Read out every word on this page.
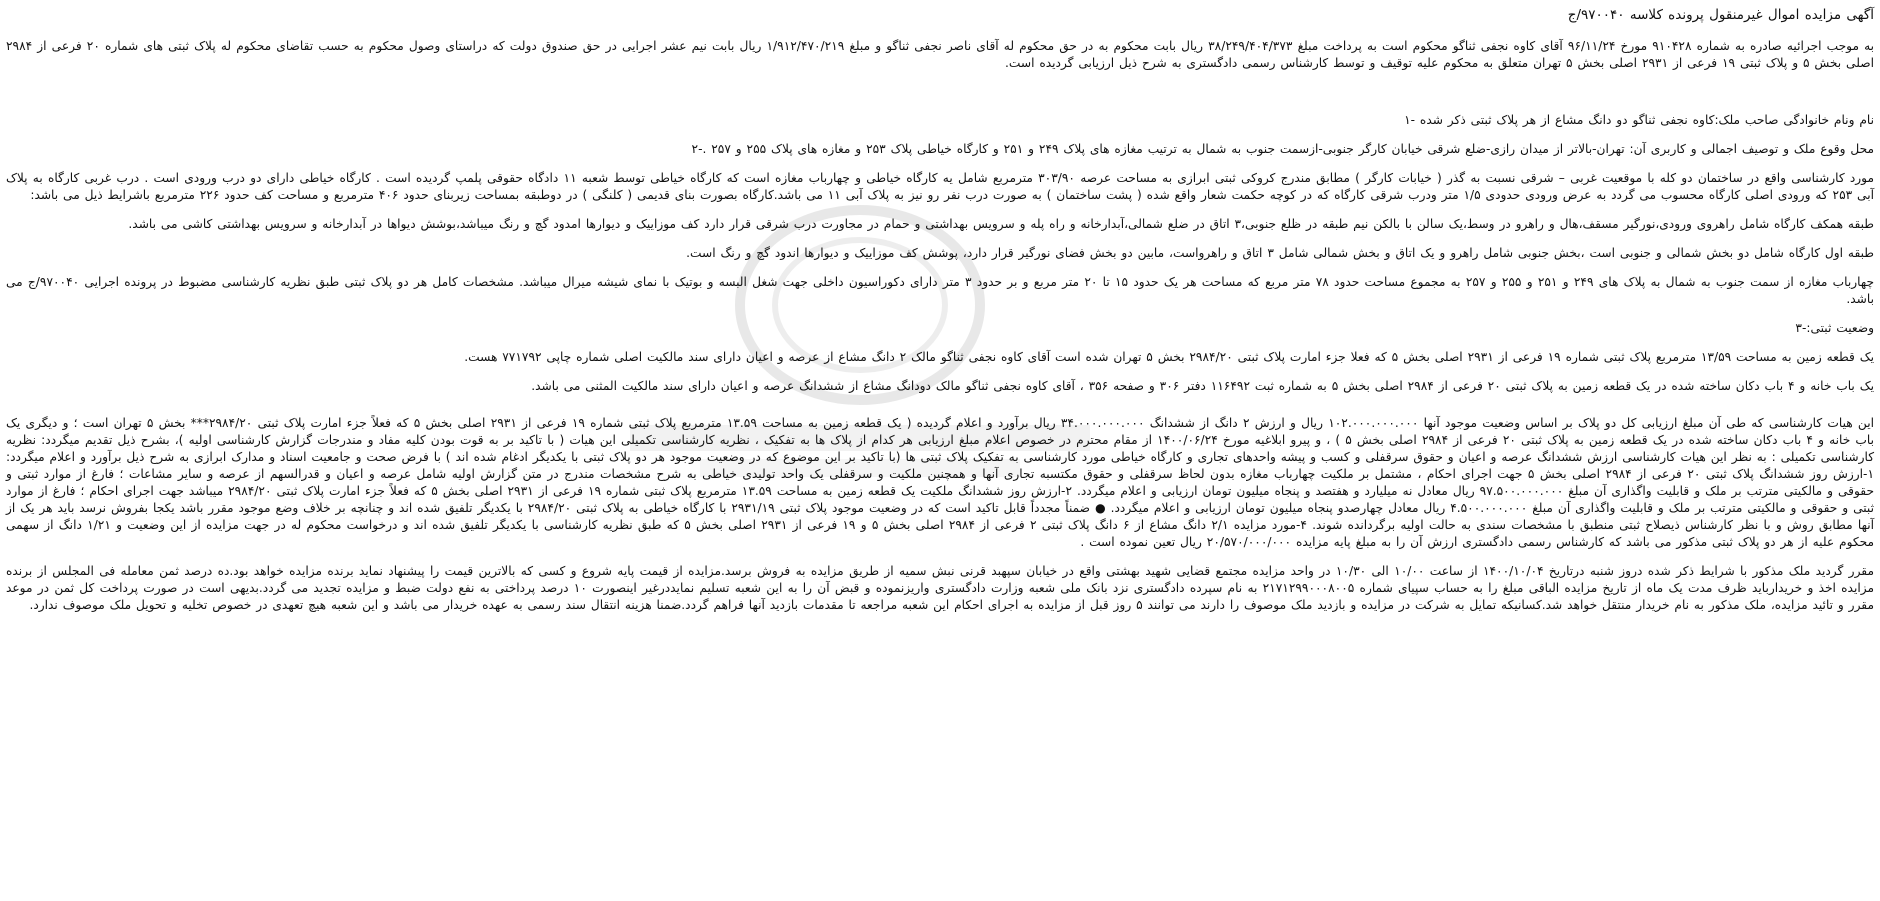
آگهی مزایده اموال غیرمنقول پرونده کلاسه ۹۷۰۰۴۰/ج
به موجب اجرائیه صادره به شماره ۹۱۰۴۲۸ مورخ ۹۶/۱۱/۲۴ آقای کاوه نجفی ثناگو محکوم است به پرداخت مبلغ ۳۸/۲۴۹/۴۰۴/۳۷۳ ریال بابت محکوم به در حق محکوم له آقای ناصر نجفی ثناگو و مبلغ ۱/۹۱۲/۴۷۰/۲۱۹ ریال بابت نیم عشر اجرایی در حق صندوق دولت که دراستای وصول محکوم به حسب تقاضای محکوم له پلاک ثبتی های شماره ۲۰ فرعی از ۲۹۸۴ اصلی بخش ۵ و پلاک ثبتی ۱۹ فرعی از ۲۹۳۱ اصلی بخش ۵ تهران متعلق به محکوم علیه توقیف و توسط کارشناس رسمی دادگستری به شرح ذیل ارزیابی گردیده است.
نام ونام خانوادگی صاحب ملک:کاوه نجفی ثناگو دو دانگ مشاع از هر پلاک ثبتی ذکر شده -۱
محل وقوع ملک و توصیف اجمالی و کاربری آن: تهران-بالاتر از میدان رازی-ضلع شرقی خیابان کارگر جنوبی-ازسمت جنوب به شمال به ترتیب مغازه های پلاک ۲۴۹ و ۲۵۱ و کارگاه خیاطی پلاک ۲۵۳ و مغازه های پلاک ۲۵۵ و ۲۵۷ .-۲
مورد کارشناسی واقع در ساختمان دو کله با موقعیت غربی – شرقی نسبت به گذر ( خیابات کارگر ) مطابق مندرج کروکی ثبتی ابرازی به مساحت عرصه ۳۰۳/۹۰ مترمربع شامل یه کارگاه خیاطی و چهارباب مغازه است که کارگاه خیاطی توسط شعبه ۱۱ دادگاه حقوقی پلمپ گردیده است . کارگاه خیاطی دارای دو درب ورودی است . درب غربی کارگاه به پلاک آبی ۲۵۳ که ورودی اصلی کارگاه محسوب می گردد به عرض ورودی حدودی ۱/۵ متر ودرب شرقی کارگاه که در کوچه حکمت شعار واقع شده ( پشت ساختمان ) به صورت درب نفر رو نیز به پلاک آبی ۱۱ می باشد.کارگاه بصورت بنای قدیمی ( کلنگی ) در دوطبقه بمساحت زیربنای حدود ۴۰۶ مترمربع و مساحت کف حدود ۲۲۶ مترمربع باشرایط ذیل می باشد:
طبقه همکف کارگاه شامل راهروی ورودی،نورگیر مسقف،هال و راهرو در وسط،یک سالن با بالکن نیم طبقه در ظلع جنوبی،۳ اتاق در ضلع شمالی،آبدارخانه و راه پله و سرویس بهداشتی و حمام در مجاورت درب شرقی قرار دارد کف موزاییک و دیوارها امدود گچ و رنگ میباشد،بوشش دیواها در آبدارخانه و سرویس بهداشتی کاشی می باشد.
طبقه اول کارگاه شامل دو بخش شمالی و جنوبی است ،بخش جنوبی شامل راهرو و یک اتاق و بخش شمالی شامل ۳ اتاق و راهرواست، مابین دو بخش فضای نورگیر قرار دارد، پوشش کف موزاییک و دیوارها اندود گچ و رنگ است.
چهارباب مغازه از سمت جنوب به شمال به پلاک های ۲۴۹ و ۲۵۱ و ۲۵۵ و ۲۵۷ به مجموع مساحت حدود ۷۸ متر مربع که مساحت هر یک حدود ۱۵ تا ۲۰ متر مربع و بر حدود ۳ متر دارای دکوراسیون داخلی جهت شغل البسه و بوتیک با نمای شیشه میرال میباشد. مشخصات کامل هر دو پلاک ثبتی طبق نظریه کارشناسی مضبوط در پرونده اجرایی ۹۷۰۰۴۰/ج می باشد.
وضعیت ثبتی:-۳
یک قطعه زمین به مساحت ۱۳/۵۹ مترمربع پلاک ثبتی شماره ۱۹ فرعی از ۲۹۳۱ اصلی بخش ۵ که فعلا جزء امارت پلاک ثبتی ۲۹۸۴/۲۰ بخش ۵ تهران شده است آقای کاوه نجفی ثناگو مالک ۲ دانگ مشاع از عرصه و اعیان دارای سند مالکیت اصلی شماره چاپی ۷۷۱۷۹۲ هست.
یک باب خانه و ۴ باب دکان ساخته شده در یک قطعه زمین به پلاک ثبتی ۲۰ فرعی از ۲۹۸۴ اصلی بخش ۵ به شماره ثبت ۱۱۶۴۹۲ دفتر ۳۰۶ و صفحه ۳۵۶ ، آقای کاوه نجفی ثناگو مالک دودانگ مشاع از ششدانگ عرصه و اعیان دارای سند مالکیت المثنی می باشد.
این هیات کارشناسی که طی آن مبلغ ارزیابی کل دو پلاک بر اساس وضعیت موجود آنها ۱۰۲.۰۰۰.۰۰۰.۰۰۰ ریال و ارزش ۲ دانگ از ششدانگ ۳۴.۰۰۰.۰۰۰.۰۰۰ ریال برآورد و اعلام گردیده ( یک قطعه زمین به مساحت ۱۳.۵۹ مترمربع پلاک ثبتی شماره ۱۹ فرعی از ۲۹۳۱ اصلی بخش ۵ که فعلاً جزء امارت پلاک ثبتی ۲۹۸۴/۲۰*** بخش ۵ تهران است ؛ و دیگری یک باب خانه و ۴ باب دکان ساخته شده در یک قطعه زمین به پلاک ثبتی ۲۰ فرعی از ۲۹۸۴ اصلی بخش ۵ ) ، و پیرو ابلاغیه مورخ ۱۴۰۰/۰۶/۲۴ از مقام محترم در خصوص اعلام مبلغ ارزیابی هر کدام از پلاک ها به تفکیک ، نظریه کارشناسی تکمیلی این هیات ( با تاکید بر به قوت بودن کلیه مفاد و مندرجات گزارش کارشناسی اولیه )، بشرح ذیل تقدیم میگردد: نظریه کارشناسی تکمیلی : به نظر این هیات کارشناسی ارزش ششدانگ عرصه و اعیان و حقوق سرقفلی و کسب و پیشه واحدهای تجاری و کارگاه خیاطی مورد کارشناسی به تفکیک پلاک ثبتی ها (با تاکید بر این موضوع که در وضعیت موجود هر دو پلاک ثبتی با یکدیگر ادغام شده اند ) با فرض صحت و جامعیت اسناد و مدارک ابرازی به شرح ذیل برآورد و اعلام میگردد: ۱-ارزش روز ششدانگ پلاک ثبتی ۲۰ فرعی از ۲۹۸۴ اصلی بخش ۵ جهت اجرای احکام ، مشتمل بر ملکیت چهارباب مغازه بدون لحاظ سرقفلی و حقوق مکتسبه تجاری آنها و همچنین ملکیت و سرقفلی یک واحد تولیدی خیاطی به شرح مشخصات مندرج در متن گزارش اولیه شامل عرصه و اعیان و قدرالسهم از عرصه و سایر مشاعات ؛ فارغ از موارد ثبتی و حقوقی و مالکیتی مترتب بر ملک و قابلیت واگذاری آن مبلغ ۹۷.۵۰۰.۰۰۰.۰۰۰ ریال معادل نه میلیارد و هفتصد و پنجاه میلیون تومان ارزیابی و اعلام میگردد. ۲-ارزش روز ششدانگ ملکیت یک قطعه زمین به مساحت ۱۳.۵۹ مترمربع پلاک ثبتی شماره ۱۹ فرعی از ۲۹۳۱ اصلی بخش ۵ که فعلاً جزء امارت پلاک ثبتی ۲۹۸۴/۲۰ میباشد جهت اجرای احکام ؛ فارغ از موارد ثبتی و حقوقی و مالکیتی مترتب بر ملک و قابلیت واگذاری آن مبلغ ۴.۵۰۰.۰۰۰.۰۰۰ ریال معادل چهارصدو پنجاه میلیون تومان ارزیابی و اعلام میگردد. ● ضمناً مجدداً قابل تاکید است که در وضعیت موجود پلاک ثبتی ۲۹۳۱/۱۹ با کارگاه خیاطی به پلاک ثبتی ۲۹۸۴/۲۰ با یکدیگر تلفیق شده اند و چنانچه بر خلاف وضع موجود مقرر باشد یکجا بفروش نرسد باید هر یک از آنها مطابق روش و با نظر کارشناس ذیصلاح ثبتی منطبق با مشخصات سندی به حالت اولیه برگردانده شوند. ۴-مورد مزایده ۲/۱ دانگ مشاع از ۶ دانگ پلاک ثبتی ۲ فرعی از ۲۹۸۴ اصلی بخش ۵ و ۱۹ فرعی از ۲۹۳۱ اصلی بخش ۵ که طبق نظریه کارشناسی با یکدیگر تلفیق شده اند و درخواست محکوم له در جهت مزایده از این وضعیت و ۱/۲۱ دانگ از سهمی محکوم علیه از هر دو پلاک ثبتی مذکور می باشد که کارشناس رسمی دادگستری ارزش آن را به مبلغ پایه مزایده ۲۰/۵۷۰/۰۰۰/۰۰۰ ریال تعین نموده است .
مقرر گردید ملک مذکور با شرایط ذکر شده دروز شنبه درتاریخ ۱۴۰۰/۱۰/۰۴ از ساعت ۱۰/۰۰ الی ۱۰/۳۰ در واحد مزایده مجتمع قضایی شهید بهشتی واقع در خیابان سپهبد قرنی نبش سمیه از طریق مزایده به فروش برسد.مزایده از قیمت پایه شروع و کسی که بالاترین قیمت را پیشنهاد نماید برنده مزایده خواهد بود.ده درصد ثمن معامله فی المجلس از برنده مزایده اخذ و خریدارباید ظرف مدت یک ماه از تاریخ مزایده الباقی مبلغ را به حساب سپیای شماره ۲۱۷۱۲۹۹۰۰۰۸۰۰۵ به نام سپرده دادگستری نزد بانک ملی شعبه وزارت دادگستری واریزنموده و قبض آن را به این شعبه تسلیم نمایددرغیر اینصورت ۱۰ درصد پرداختی به نفع دولت ضبط و مزایده تجدید می گردد.بدیهی است در صورت پرداخت کل ثمن در موعد مقرر و تائید مزایده، ملک مذکور به نام خریدار منتقل خواهد شد.کسانیکه تمایل به شرکت در مزایده و بازدید ملک موصوف را دارند می توانند ۵ روز قبل از مزایده به اجرای احکام این شعبه مراجعه تا مقدمات بازدید آنها فراهم گردد.ضمنا هزینه انتقال سند رسمی به عهده خریدار می باشد و این شعبه هیچ تعهدی در خصوص تخلیه و تحویل ملک موصوف ندارد.
